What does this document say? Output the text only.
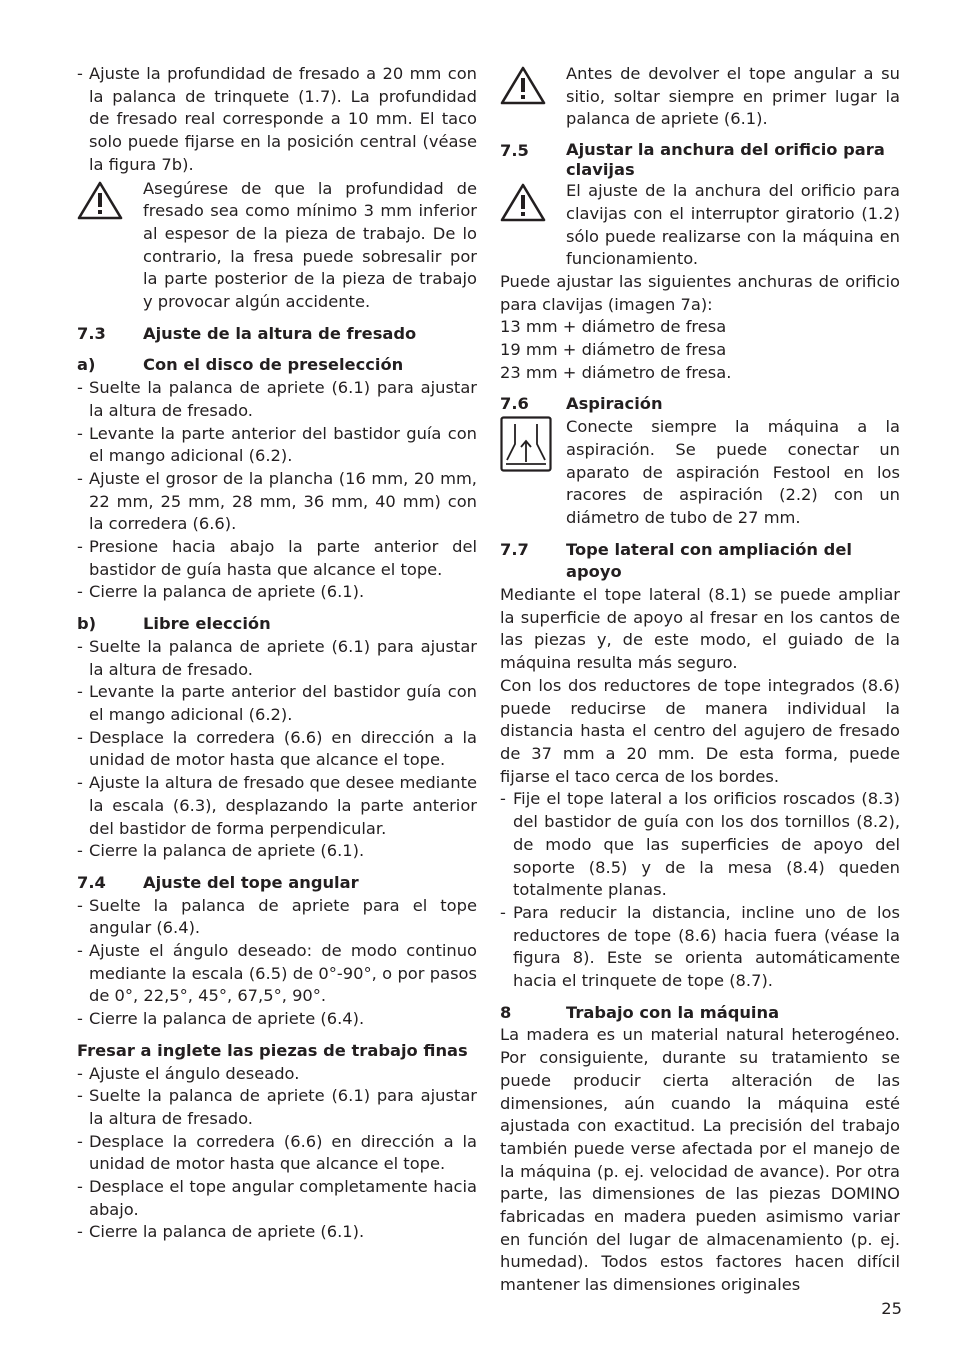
- Ajuste la profundidad de fresado a 20 mm con la palanca de trinquete (1.7). La profundidad de fresado real corresponde a 10 mm. El taco solo puede fijarse en la posición central (véase la figura 7b).
Asegúrese de que la profundidad de fresado sea como mínimo 3 mm inferior al espesor de la pieza de trabajo. De lo contrario, la fresa puede sobresalir por la parte posterior de la pieza de trabajo y provocar algún accidente.
7.3	Ajuste de la altura de fresado
a)	Con el disco de preselección
- Suelte la palanca de apriete (6.1) para ajustar la altura de fresado.
- Levante la parte anterior del bastidor guía con el mango adicional (6.2).
- Ajuste el grosor de la plancha (16 mm, 20 mm, 22 mm, 25 mm, 28 mm, 36 mm, 40 mm) con la corredera (6.6).
- Presione hacia abajo la parte anterior del bastidor de guía hasta que alcance el tope.
- Cierre la palanca de apriete (6.1).
b)	Libre elección
- Suelte la palanca de apriete (6.1) para ajustar la altura de fresado.
- Levante la parte anterior del bastidor guía con el mango adicional (6.2).
- Desplace la corredera (6.6) en dirección a la unidad de motor hasta que alcance el tope.
- Ajuste la altura de fresado que desee mediante la escala (6.3), desplazando la parte anterior del bastidor de forma perpendicular.
- Cierre la palanca de apriete (6.1).
7.4	Ajuste del tope angular
- Suelte la palanca de apriete para el tope angular (6.4).
- Ajuste el ángulo deseado: de modo continuo mediante la escala (6.5) de 0°-90°, o por pasos de 0°, 22,5°, 45°, 67,5°, 90°.
- Cierre la palanca de apriete (6.4).
Fresar a inglete las piezas de trabajo finas
- Ajuste el ángulo deseado.
- Suelte la palanca de apriete (6.1) para ajustar la altura de fresado.
- Desplace la corredera (6.6) en dirección a la unidad de motor hasta que alcance el tope.
- Desplace el tope angular completamente hacia abajo.
- Cierre la palanca de apriete (6.1).
Antes de devolver el tope angular a su sitio, soltar siempre en primer lugar la palanca de apriete (6.1).
7.5	Ajustar la anchura del orificio para clavijas
El ajuste de la anchura del orificio para clavijas con el interruptor giratorio (1.2) sólo puede realizarse con la máquina en funcionamiento.

Puede ajustar las siguientes anchuras de orificio para clavijas (imagen 7a):

13 mm + diámetro de fresa
19 mm + diámetro de fresa
23 mm + diámetro de fresa.
7.6	Aspiración
Conecte siempre la máquina a la aspiración. Se puede conectar un aparato de aspiración Festool en los racores de aspiración (2.2) con un diámetro de tubo de 27 mm.
7.7	Tope lateral con ampliación del apoyo

Mediante el tope lateral (8.1) se puede ampliar la superficie de apoyo al fresar en los cantos de las piezas y, de este modo, el guiado de la máquina resulta más seguro.

Con los dos reductores de tope integrados (8.6) puede reducirse de manera individual la distancia hasta el centro del agujero de fresado de 37 mm a 20 mm. De esta forma, puede fijarse el taco cerca de los bordes.

- Fije el tope lateral a los orificios roscados (8.3) del bastidor de guía con los dos tornillos (8.2), de modo que las superficies de apoyo del soporte (8.5) y de la mesa (8.4) queden totalmente planas.
- Para reducir la distancia, incline uno de los reductores de tope (8.6) hacia fuera (véase la figura 8). Este se orienta automáticamente hacia el trinquete de tope (8.7).
8	Trabajo con la máquina

La madera es un material natural heterogéneo. Por consiguiente, durante su tratamiento se puede producir cierta alteración de las dimensiones, aún cuando la máquina esté ajustada con exactitud. La precisión del trabajo también puede verse afectada por el manejo de la máquina (p. ej. velocidad de avance). Por otra parte, las dimensiones de las piezas DOMINO fabricadas en madera pueden asimismo variar en función del lugar de almacenamiento (p. ej. humedad). Todos estos factores hacen difícil mantener las dimensiones originales

25
